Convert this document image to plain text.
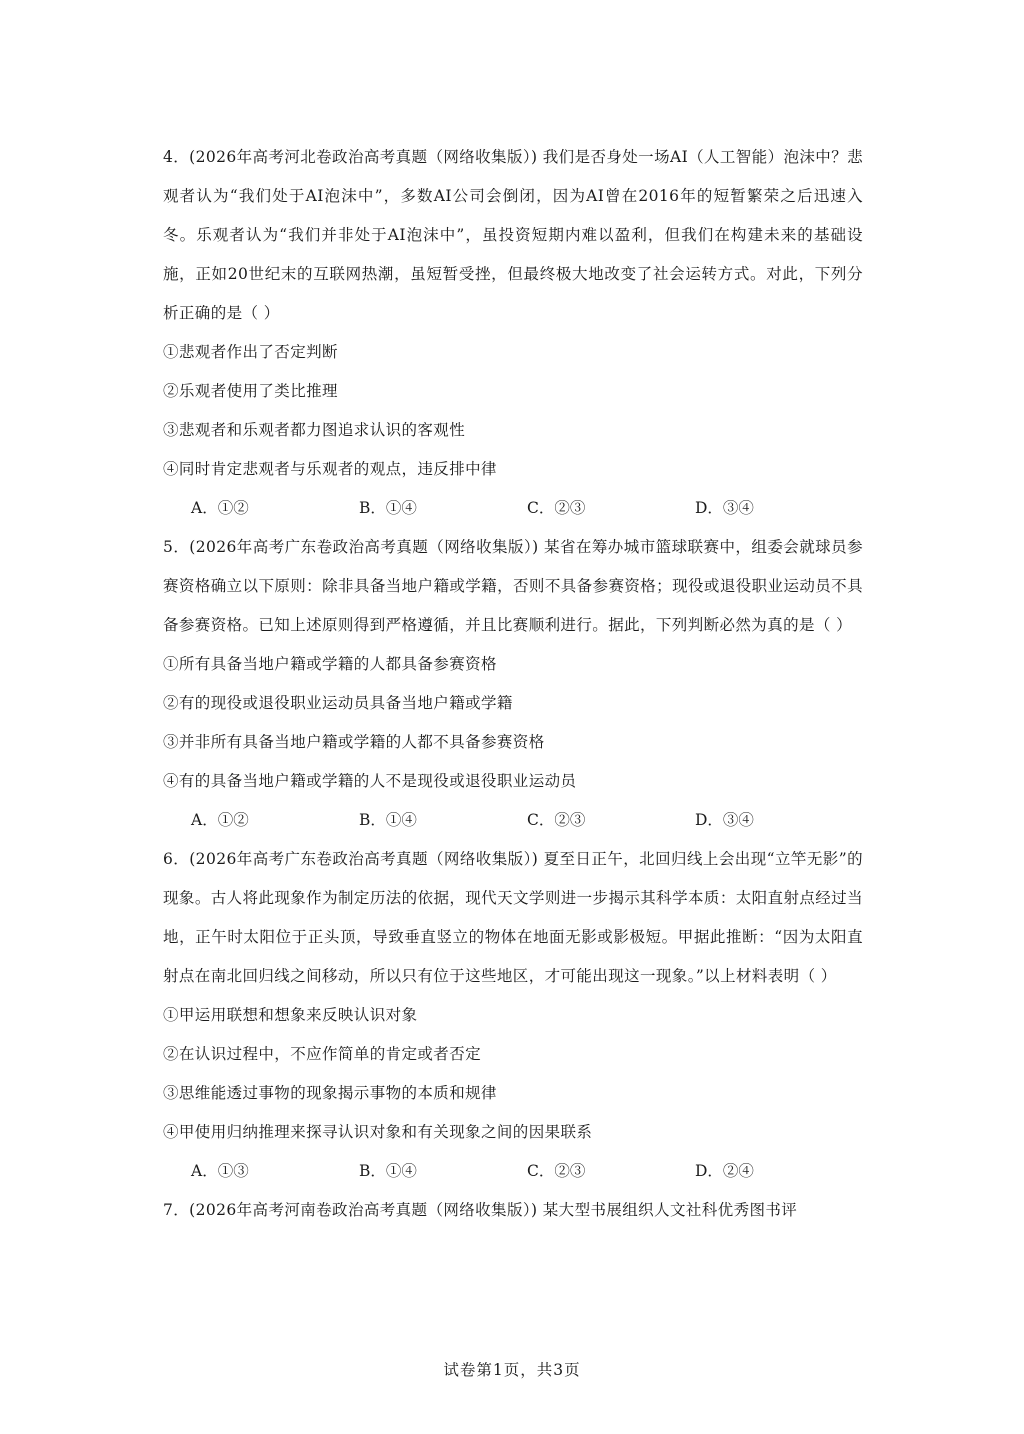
4．(2026年高考河北卷政治高考真题（网络收集版）) 我们是否身处一场AI（人工智能）泡沫中？悲观者认为“我们处于AI泡沫中”，多数AI公司会倒闭，因为AI曾在2016年的短暂繁荣之后迅速入冬。乐观者认为“我们并非处于AI泡沫中”，虽投资短期内难以盈利，但我们在构建未来的基础设施，正如20世纪末的互联网热潮，虽短暂受挫，但最终极大地改变了社会运转方式。对此，下列分析正确的是（ ）

①悲观者作出了否定判断

②乐观者使用了类比推理

③悲观者和乐观者都力图追求认识的客观性

④同时肯定悲观者与乐观者的观点，违反排中律

A．①②	B．①④	C．②③	D．③④

5．(2026年高考广东卷政治高考真题（网络收集版）) 某省在筹办城市篮球联赛中，组委会就球员参赛资格确立以下原则：除非具备当地户籍或学籍，否则不具备参赛资格；现役或退役职业运动员不具备参赛资格。已知上述原则得到严格遵循，并且比赛顺利进行。据此，下列判断必然为真的是（ ）

①所有具备当地户籍或学籍的人都具备参赛资格

②有的现役或退役职业运动员具备当地户籍或学籍

③并非所有具备当地户籍或学籍的人都不具备参赛资格

④有的具备当地户籍或学籍的人不是现役或退役职业运动员

A．①②	B．①④	C．②③	D．③④

6．(2026年高考广东卷政治高考真题（网络收集版）) 夏至日正午，北回归线上会出现“立竿无影”的现象。古人将此现象作为制定历法的依据，现代天文学则进一步揭示其科学本质：太阳直射点经过当地，正午时太阳位于正头顶，导致垂直竖立的物体在地面无影或影极短。甲据此推断：“因为太阳直射点在南北回归线之间移动，所以只有位于这些地区，才可能出现这一现象。”以上材料表明（ ）

①甲运用联想和想象来反映认识对象

②在认识过程中，不应作简单的肯定或者否定

③思维能透过事物的现象揭示事物的本质和规律

④甲使用归纳推理来探寻认识对象和有关现象之间的因果联系

A．①③	B．①④	C．②③	D．②④

7．(2026年高考河南卷政治高考真题（网络收集版）) 某大型书展组织人文社科优秀图书评

试卷第1页，共3页
